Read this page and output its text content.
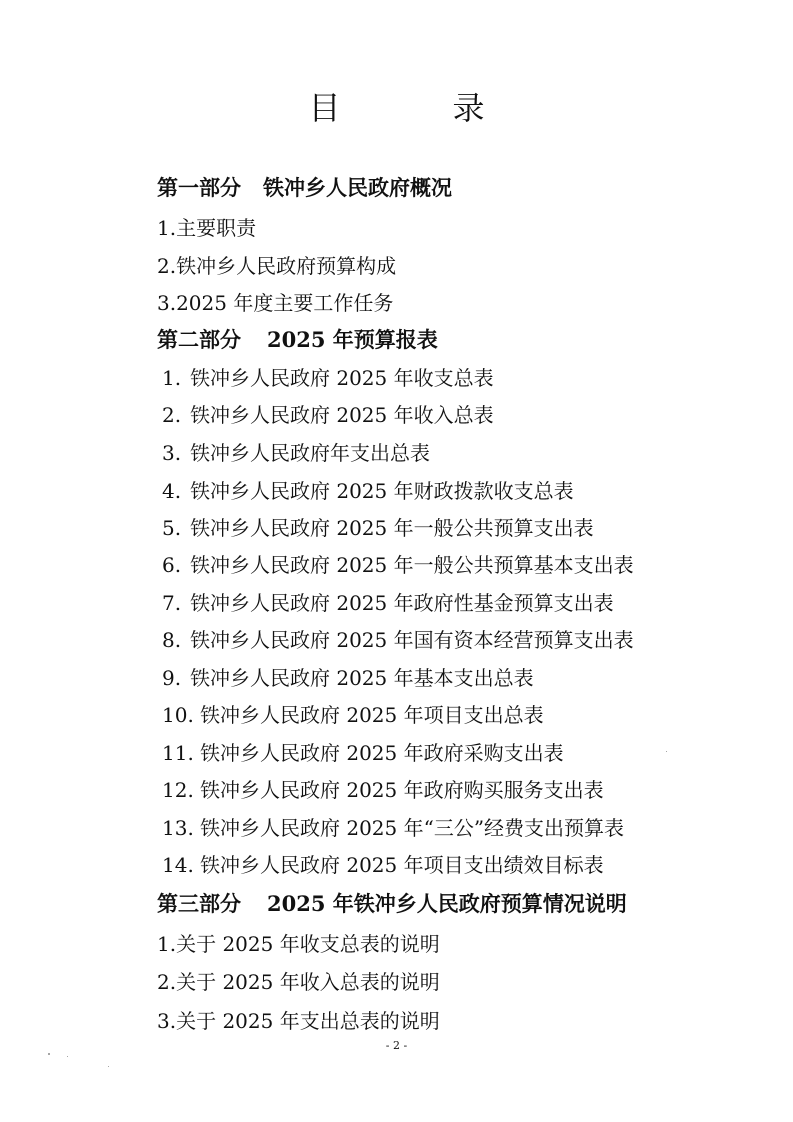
目　录
第一部分 铁冲乡人民政府概况
1.主要职责
2.铁冲乡人民政府预算构成
3.2025 年度主要工作任务
第二部分 2025 年预算报表
1. 铁冲乡人民政府 2025 年收支总表
2. 铁冲乡人民政府 2025 年收入总表
3. 铁冲乡人民政府年支出总表
4. 铁冲乡人民政府 2025 年财政拨款收支总表
5. 铁冲乡人民政府 2025 年一般公共预算支出表
6. 铁冲乡人民政府 2025 年一般公共预算基本支出表
7. 铁冲乡人民政府 2025 年政府性基金预算支出表
8. 铁冲乡人民政府 2025 年国有资本经营预算支出表
9. 铁冲乡人民政府 2025 年基本支出总表
10. 铁冲乡人民政府 2025 年项目支出总表
11. 铁冲乡人民政府 2025 年政府采购支出表
12. 铁冲乡人民政府 2025 年政府购买服务支出表
13. 铁冲乡人民政府 2025 年“三公”经费支出预算表
14. 铁冲乡人民政府 2025 年项目支出绩效目标表
第三部分 2025 年铁冲乡人民政府预算情况说明
1.关于 2025 年收支总表的说明
2.关于 2025 年收入总表的说明
3.关于 2025 年支出总表的说明
- 2 -
